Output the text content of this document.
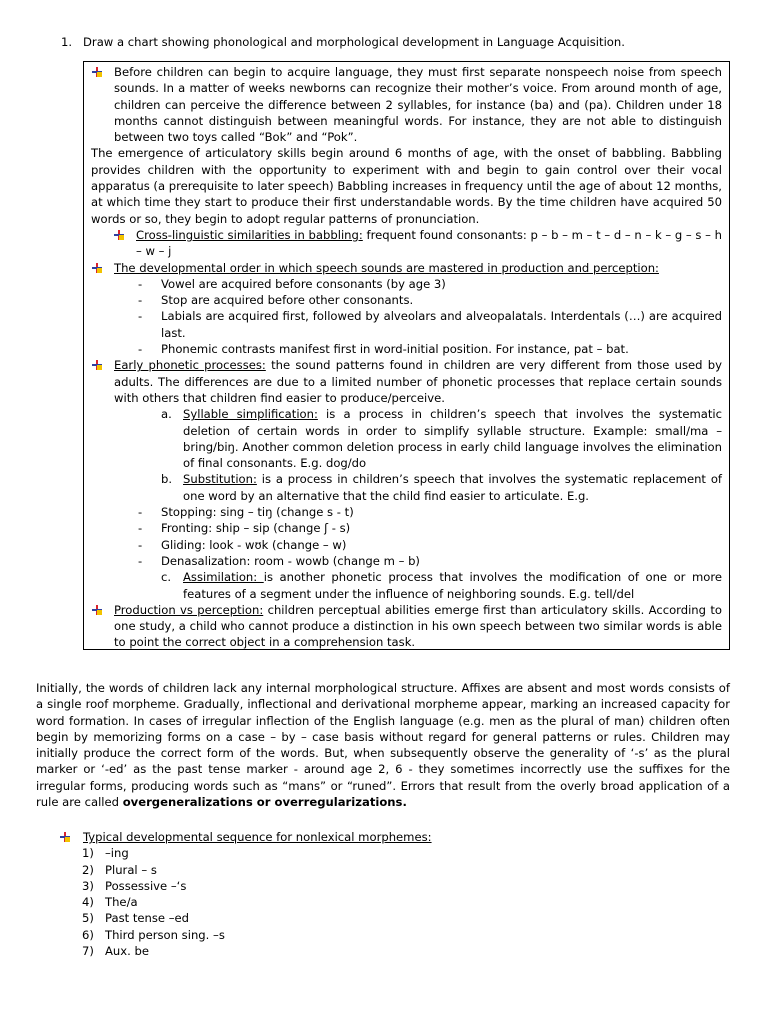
1. Draw a chart showing phonological and morphological development in Language Acquisition.
Before children can begin to acquire language, they must first separate nonspeech noise from speech sounds. In a matter of weeks newborns can recognize their mother’s voice. From around month of age, children can perceive the difference between 2 syllables, for instance (ba) and (pa). Children under 18 months cannot distinguish between meaningful words. For instance, they are not able to distinguish between two toys called “Bok” and “Pok”.
The emergence of articulatory skills begin around 6 months of age, with the onset of babbling. Babbling provides children with the opportunity to experiment with and begin to gain control over their vocal apparatus (a prerequisite to later speech) Babbling increases in frequency until the age of about 12 months, at which time they start to produce their first understandable words. By the time children have acquired 50 words or so, they begin to adopt regular patterns of pronunciation.
Cross-linguistic similarities in babbling: frequent found consonants: p – b – m – t – d – n – k – g – s – h – w – j
The developmental order in which speech sounds are mastered in production and perception:
- Vowel are acquired before consonants (by age 3)
- Stop are acquired before other consonants.
- Labials are acquired first, followed by alveolars and alveopalatals. Interdentals (…) are acquired last.
- Phonemic contrasts manifest first in word-initial position. For instance, pat – bat.
Early phonetic processes: the sound patterns found in children are very different from those used by adults. The differences are due to a limited number of phonetic processes that replace certain sounds with others that children find easier to produce/perceive.
a. Syllable simplification: is a process in children’s speech that involves the systematic deletion of certain words in order to simplify syllable structure. Example: small/ma – bring/biŋ. Another common deletion process in early child language involves the elimination of final consonants. E.g. dog/do
b. Substitution: is a process in children’s speech that involves the systematic replacement of one word by an alternative that the child find easier to articulate. E.g.
- Stopping: sing – tiŋ (change s - t)
- Fronting: ship – sip (change ʃ - s)
- Gliding: look - wʊk (change – w)
- Denasalization: room - wowb (change m – b)
c. Assimilation: is another phonetic process that involves the modification of one or more features of a segment under the influence of neighboring sounds. E.g. tell/del
Production vs perception: children perceptual abilities emerge first than articulatory skills. According to one study, a child who cannot produce a distinction in his own speech between two similar words is able to point the correct object in a comprehension task.
Initially, the words of children lack any internal morphological structure. Affixes are absent and most words consists of a single roof morpheme. Gradually, inflectional and derivational morpheme appear, marking an increased capacity for word formation. In cases of irregular inflection of the English language (e.g. men as the plural of man) children often begin by memorizing forms on a case – by – case basis without regard for general patterns or rules. Children may initially produce the correct form of the words. But, when subsequently observe the generality of ‘-s’ as the plural marker or ‘-ed’ as the past tense marker - around age 2, 6 - they sometimes incorrectly use the suffixes for the irregular forms, producing words such as “mans” or “runed”. Errors that result from the overly broad application of a rule are called overgeneralizations or overregularizations.
Typical developmental sequence for nonlexical morphemes:
1) –ing
2) Plural – s
3) Possessive –‘s
4) The/a
5) Past tense –ed
6) Third person sing. –s
7) Aux. be
